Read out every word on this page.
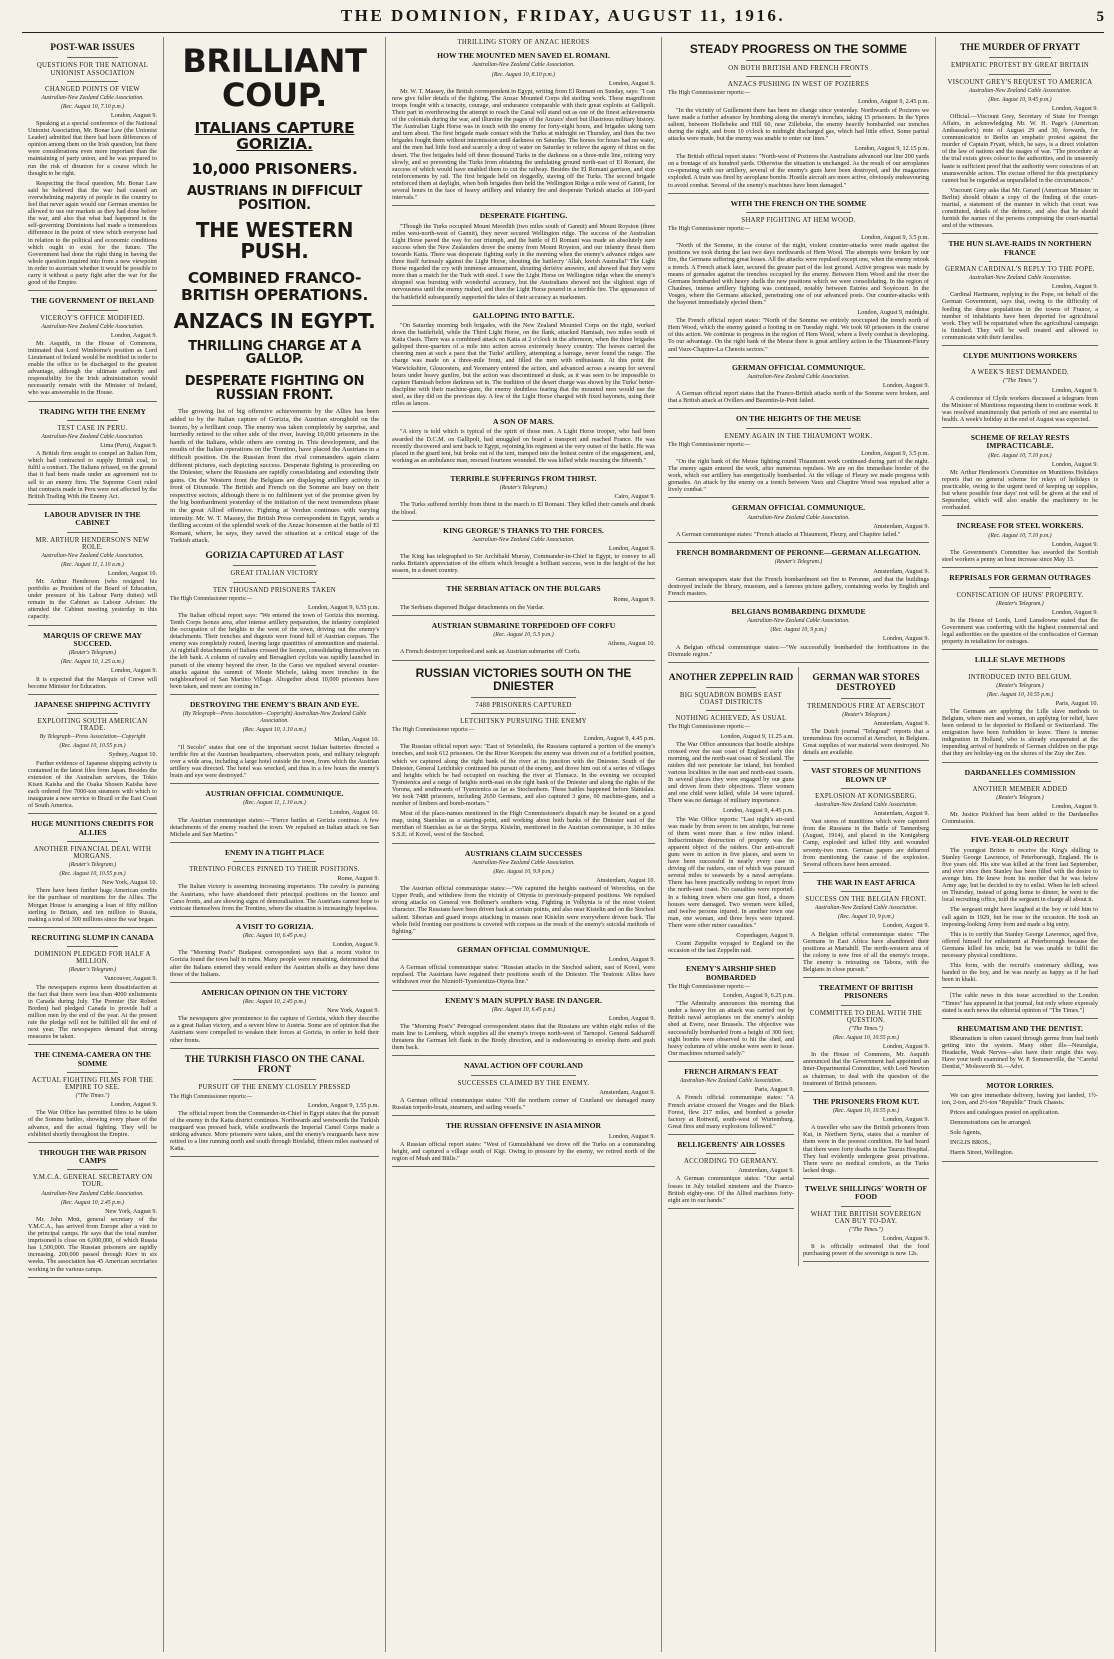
THE DOMINION, FRIDAY, AUGUST 11, 1916.	5
POST-WAR ISSUES
QUESTIONS FOR THE NATIONAL UNIONIST ASSOCIATION
CHANGED POINTS OF VIEW
Australian-New Zealand Cable Association.
(Rec. August 10, 7.10 p.m.)
London, August 9.

Speaking at a special conference of the National Unionist Association, Mr. Bonar Law (the Unionist Leader) admitted that there had been differences of opinion among them on the Irish question, but there were considerations even more important than the maintaining of party union, and he was prepared to run the risk of disunion for a course which he thought to be right.

Respecting the fiscal question, Mr. Bonar Law said he believed that the war had caused an overwhelming majority of people in the country to feel that never again would our German enemies be allowed to use our markets as they had done before the war, and also that what had happened in the self-governing Dominions had made a tremendous difference in the point of view which everyone had in relation to the political and economic conditions which ought to exist for the future. The Government had done the right thing in having the whole question inquired into from a new viewpoint in order to ascertain whether it would be possible to carry it without a party fight after the war for the good of the Empire.

THE GOVERNMENT OF IRELAND
VICEROY'S OFFICE MODIFIED.
Australian-New Zealand Cable Association.
London, August 9.

Mr. Asquith, in the House of Commons, intimated that Lord Wimborne's position as Lord Lieutenant of Ireland would be modified in order to enable the office to be discharged to the greatest advantage, although the ultimate authority and responsibility for the Irish administration would necessarily remain with the Minister of Ireland, who was answerable to the House.

TRADING WITH THE ENEMY
TEST CASE IN PERU.
Australian-New Zealand Cable Association.
Lima (Peru), August 9.

A British firm sought to compel an Italian firm, which had contracted to supply British coal, to fulfil a contract. The Italians refused, on the ground that it had been made under an agreement not to sell to an enemy firm. The Supreme Court ruled that contracts made in Peru were not affected by the British Trading With the Enemy Act.

LABOUR ADVISER IN THE CABINET
MR. ARTHUR HENDERSON'S NEW ROLE.
Australian-New Zealand Cable Association.
(Rec. August 11, 1.10 a.m.)
London, August 10.

Mr. Arthur Henderson (who resigned his portfolio as President of the Board of Education, under pressure of his Labour Party duties) will remain in the Cabinet as Labour Adviser. He attended the Cabinet meeting yesterday in this capacity.

MARQUIS OF CREWE MAY SUCCEED.
(Reuter's Telegram.)
(Rec. August 10, 1.25 a.m.)
London, August 9.

It is expected that the Marquis of Crewe will become Minister for Education.

JAPANESE SHIPPING ACTIVITY
EXPLOITING SOUTH AMERICAN TRADE.
By Telegraph—Press Association—Copyright
(Rec. August 10, 10.55 p.m.)
Sydney, August 10.

Further evidence of Japanese shipping activity is contained in the latest files from Japan. Besides the extension of the Australian services, the Tokio Kisen Kaisha and the Osaka Shosen Kaisha have each ordered five 7000-ton steamers with which to inaugurate a new service to Brazil or the East Coast of South America.

HUGE MUNITIONS CREDITS FOR ALLIES
ANOTHER FINANCIAL DEAL WITH MORGANS.
(Reuter's Telegram.)
(Rec. August 10, 10.55 p.m.)
New York, August 10.

There have been further huge American credits for the purchase of munitions for the Allies. The Morgan House is arranging a loan of fifty million sterling to Britain, and ten million to Russia, making a total of 300 millions since the war began.

RECRUITING SLUMP IN CANADA
DOMINION PLEDGED FOR HALF A MILLION.
(Reuter's Telegram.)
Vancouver, August 9.

The newspapers express keen dissatisfaction at the fact that there were less than 4000 enlistments in Canada during July. The Premier (Sir Robert Borden) had pledged Canada to provide half a million men by the end of the year. At the present rate the pledge will not be fulfilled till the end of next year. The newspapers demand that strong measures be taken.

THE CINEMA-CAMERA ON THE SOMME
ACTUAL FIGHTING FILMS FOR THE EMPIRE TO SEE.
("The Times.")
London, August 9.

The War Office has permitted films to be taken of the Somme battles, showing every phase of the advance, and the actual fighting. They will be exhibited shortly throughout the Empire.

THROUGH THE WAR PRISON CAMPS
Y.M.C.A. GENERAL SECRETARY ON TOUR.
Australian-New Zealand Cable Association.
(Rec. August 10, 2.45 p.m.)
New York, August 9.

Mr. John Mott, general secretary of the Y.M.C.A., has arrived from Europe after a visit to the principal camps. He says that the total number imprisoned is close on 6,000,000, of which Russia has 1,500,000. The Russian prisoners are rapidly increasing. 200,000 passed through Kiev in six weeks. The association has 45 American secretaries working in the various camps.

BRILLIANT COUP.
ITALIANS CAPTURE GORIZIA.
10,000 PRISONERS.
AUSTRIANS IN DIFFICULT POSITION.
THE WESTERN PUSH.
COMBINED FRANCO-BRITISH OPERATIONS.
ANZACS IN EGYPT.
THRILLING CHARGE AT A GALLOP.
DESPERATE FIGHTING ON RUSSIAN FRONT.

The growing list of big offensive achievements by the Allies has been added to by the Italian capture of Gorizia, the Austrian stronghold on the Isonzo, by a brilliant coup. The enemy was taken completely by surprise, and hurriedly retired to the other side of the river, leaving 10,000 prisoners in the hands of the Italians, while others are coming in. This development, and the results of the Italian operations on the Trentino, have placed the Austrians in a difficult position. On the Russian front the rival commanders again claim different pictures, each depicting success. Desperate fighting is proceeding on the Dniester, where the Russians are rapidly consolidating and extending their gains. On the Western front the Belgians are displaying artillery activity in front of Dixmude. The British and French on the Somme are busy on their respective sectors, although there is no fulfilment yet of the promise given by the big bombardment yesterday of the initiation of the next tremendous phase in the great Allied offensive. Fighting at Verdun continues with varying intensity. Mr. W. T. Massey, the British Press correspondent in Egypt, sends a thrilling account of the splendid work of the Anzac horsemen at the battle of El Romani, where, he says, they saved the situation at a critical stage of the Turkish attack.

GORIZIA CAPTURED AT LAST
GREAT ITALIAN VICTORY
TEN THOUSAND PRISONERS TAKEN
The High Commissioner reports:—
London, August 9, 6.55 p.m.

The Italian official report says: "We entered the town of Gorizia this morning. Tenth Corps Isonzo area, after intense artillery preparation, the infantry completed the occupation of the heights to the west of the town, driving out the enemy's detachments. Their trenches and dugouts were found full of Austrian corpses. The enemy was completely routed, leaving large quantities of ammunition and material. At nightfall detachments of Italians crossed the Isonzo, consolidating themselves on the left bank. A column of cavalry and Bersaglieri cyclists was rapidly launched in pursuit of the enemy beyond the river. In the Carso we repulsed several counter-attacks against the summit of Monte Michele, taking more trenches in the neighbourhood of San Martino Village. Altogether about 10,000 prisoners have been taken, and more are coming in."

DESTROYING THE ENEMY'S BRAIN AND EYE.
(By Telegraph—Press Association—Copyright) Australian-New Zealand Cable Association.
(Rec. August 10, 1.10 a.m.)
Milan, August 10.

"Il Secolo" states that one of the important secret Italian batteries directed a terrible fire at the Austrian headquarters, observation posts, and military telegraph over a wide area, including a large hotel outside the town, from which the Austrian artillery was directed. The hotel was wrecked, and thus in a few hours the enemy's brain and eye were destroyed."

AUSTRIAN OFFICIAL COMMUNIQUE.
(Rec. August 11, 1.10 a.m.)
London, August 10.

The Austrian communique states:—"Fierce battles at Gorizia continue. A few detachments of the enemy reached the town. We repulsed an Italian attack on San Michele and San Martino."

ENEMY IN A TIGHT PLACE
TRENTINO FORCES PINNED TO THEIR POSITIONS.
Rome, August 9.

The Italian victory is assuming increasing importance. The cavalry is pursuing the Austrians, who have abandoned their principal positions on the Isonzo and Carso fronts, and are showing signs of demoralisation. The Austrians cannot hope to extricate themselves from the Trentino, where the situation is increasingly hopeless.

A VISIT TO GORIZIA.
(Rec. August 10, 6.45 p.m.)
London, August 9.

The "Morning Post's" Budapest correspondent says that a recent visitor to Gorizia found the town half in ruins. Many people were remaining, determined that after the Italians entered they would endure the Austrian shells as they have done those of the Italians.

AMERICAN OPINION ON THE VICTORY
(Rec. August 10, 2.45 p.m.)
New York, August 9.

The newspapers give prominence to the capture of Gorizia, which they describe as a great Italian victory, and a severe blow to Austria. Some are of opinion that the Austrians were compelled to weaken their forces at Gorizia, in order to hold their other fronts.

THE TURKISH FIASCO ON THE CANAL FRONT
PURSUIT OF THE ENEMY CLOSELY PRESSED
The High Commissioner reports:—
London, August 9, 1.55 p.m.

The official report from the Commander-in-Chief in Egypt states that the pursuit of the enemy in the Katia district continues. Northwards and westwards the Turkish rearguard was pressed back, while southwards the Imperial Camel Corps made a striking advance. More prisoners were taken, and the enemy's rearguards have now retired to a line running north and south through Birelabd, fifteen miles eastward of Katia.

THRILLING STORY OF ANZAC HEROES
HOW THE MOUNTED MEN SAVED EL ROMANI.
Australian-New Zealand Cable Association.
(Rec. August 10, 8.10 p.m.)
London, August 9.

Mr. W. T. Massey, the British correspondent in Egypt, writing from El Romani on Sunday, says: "I can now give fuller details of the fighting. The Anzac Mounted Corps did sterling work. These magnificent troops fought with a tenacity, courage, and endurance comparable with their great exploits at Gallipoli. Their part in overthrowing the attempt to reach the Canal will stand out as one of the finest achievements of the colonials during the war, and illumine the pages of the Anzacs' short but illustrious military history. The Australian Light Horse was in touch with the enemy for forty-eight hours, and brigades taking turn and turn about. The first brigade made contact with the Turks at midnight on Thursday, and then the two brigades fought them without intermission until darkness on Saturday. The horses for hours had no water, and the men had little food and scarcely a drop of water on Saturday to relieve the agony of thirst on the desert. The five brigades held off three thousand Turks in the darkness on a three-mile line, retiring very slowly, and so preventing the Turks from obtaining the undulating ground north-east of El Romani, the success of which would have enabled them to cut the railway. Besides the El Romani garrison, and stop reinforcements by rail. The first brigade held on doggedly, staving off the Turks. The second brigade reinforced them at daylight, when both brigades then held the Wellington Ridge a mile west of Gannit, for several hours in the face of heavy artillery and infantry fire and desperate Turkish attacks at 100-yard intervals."

DESPERATE FIGHTING.

"Though the Turks occupied Mount Meredith (two miles south of Gannit) and Mount Royston (three miles west-north-west of Gannit), they never secured Wellington ridge. The success of the Australian Light Horse paved the way for our triumph, and the battle of El Romani was made an absolutely sure success when the New Zealanders drove the enemy from Mount Royston, and our infantry thrust them towards Katia. There was desperate fighting early in the morning when the enemy's advance ridges saw three itself furiously against the Light Horse, shouting the battlecry 'Allah, kreish Australia!' The Light Horse regarded the cry with immense amusement, shouting derisive answers, and showed that they were more than a match for the Turk with steel. I saw the Light Horse on Wellington ridge when the enemy's shrapnel was bursting with wonderful accuracy, but the Australians showed not the slightest sign of nervousness until the enemy rushed, and then the Light Horse poured in a terrible fire. The appearance of the battlefield subsequently supported the tales of their accuracy as marksmen.

GALLOPING INTO BATTLE.

"On Saturday morning both brigades, with the New Zealand Mounted Corps on the right, worked down the battlefield, while the Third Light Horse, on the flank, attacked Hamisah, two miles south of Katia Oasis. There was a combined attack on Katia at 2 o'clock in the afternoon, when the three brigades galloped three-quarters of a mile into action across extremely heavy country. The horses carried the cheering men at such a pace that the Turks' artillery, attempting a barrage, never found the range. The charge was made on a three-mile front, and filled the men with enthusiasm. At this point the Warwickshire, Gloucesters, and Yeomanry entered the action, and advanced across a swamp for several hours under heavy gunfire, but the action was discontinued at dusk, as it was seen to be impossible to capture Hamisah before darkness set in. The tradition of the desert charge was shown by the Turks' better-discipline with their machine-guns, the enemy doubtless fearing that the mounted men would use the steel, as they did on the previous day. A few of the Light Horse charged with fixed bayonets, using their rifles as lances.

A SON OF MARS.

"A story is told which is typical of the spirit of those men. A Light Horse trooper, who had been awarded the D.C.M. on Gallipoli, had smuggled on board a transport and reached France. He was recently discovered and sent back to Egypt, rejoining his regiment at the very outset of the battle. He was placed in the guard tent, but broke out of the tent, tramped into the hottest centre of the engagement, and, working as an ambulance man, rescued fourteen wounded. He was killed while rescuing the fifteenth."

TERRIBLE SUFFERINGS FROM THIRST.
(Reuter's Telegram.)
Cairo, August 9.

The Turks suffered terribly from thirst in the march to El Romani. They killed their camels and drank the blood.

KING GEORGE'S THANKS TO THE FORCES.
Australian-New Zealand Cable Association.
London, August 9.

The King has telegraphed to Sir Archibald Murray, Commander-in-Chief in Egypt, to convey to all ranks Britain's appreciation of the efforts which brought a brilliant success, won in the height of the hot season, in a desert country.

THE SERBIAN ATTACK ON THE BULGARS
Rome, August 9.

The Serbians dispersed Bulgar detachments on the Vardar.

AUSTRIAN SUBMARINE TORPEDOED OFF CORFU
(Rec. August 10, 5.5 p.m.)
Athens, August 10.

A French destroyer torpedoed and sank an Austrian submarine off Corfu.

RUSSIAN VICTORIES SOUTH ON THE DNIESTER
7488 PRISONERS CAPTURED
LETCHITSKY PURSUING THE ENEMY
The High Commissioner reports:—
London, August 9, 4.45 p.m.

The Russian official report says: "East of Svistelniki, the Russians captured a portion of the enemy's trenches, and took 612 prisoners. On the River Koropets the enemy was driven out of a fortified position, which we captured along the right bank of the river at its junction with the Dniester. South of the Dniester, General Letchitsky continued his pursuit of the enemy, and drove him out of a series of villages and heights which he had occupied on reaching the river at Tlumacz. In the evening we occupied Tysmienica and a range of heights north-east on the right bank of the Dniester and along the rights of the Vorona, and southwards of Tysmienica as far as Stochenbem. These battles happened before Stanislau. We took 7488 prisoners, including 2650 Germans, and also captured 3 guns, 60 machine-guns, and a number of limbers and bomb-mortars."

Most of the place-names mentioned in the High Commissioner's dispatch may be located on a good map, using Stanislau as a starting-point, and working about both banks of the Dniester east of the meridian of Stanislau as far as the Strypa. Kisielin, mentioned in the Austrian communique, is 30 miles S.S.E. of Kovel, west of the Stochod.

AUSTRIANS CLAIM SUCCESSES
Australian-New Zealand Cable Association.
(Rec. August 10, 9.9 p.m.)
Amsterdam, August 10.

The Austrian official communique states:—"We captured the heights eastward of Worochta, on the Upper Pruth, and withdrew from the vicinity of Ottynia to previously-prepared positions. We repulsed strong attacks on General von Bothmer's southern wing. Fighting in Volhynia is of the most violent character. The Russians have been driven back at certain points, and also near Kisielin and on the Stochod salient. Siberian and guard troops attacking in masses near Kisielin were everywhere driven back. The whole field fronting our positions is covered with corpses as the result of the enemy's suicidal methods of fighting."

GERMAN OFFICIAL COMMUNIQUE.
London, August 9.

A German official communique states: "Russian attacks in the Stochod salient, east of Kovel, were repulsed. The Austrians have regained their positions south of the Dniester. The Teutonic Allies have withdrawn over the Niznioff-Tysmienitza-Otynia line."

ENEMY'S MAIN SUPPLY BASE IN DANGER.
(Rec. August 10, 6.45 p.m.)
London, August 9.

The "Morning Post's" Petrograd correspondent states that the Russians are within eight miles of the main line to Lemberg, which supplies all the enemy's troops north-west of Tarnopol. General Sakharoff threatens the German left flank in the Brody direction, and is endeavouring to envelop them and push them back.

NAVAL ACTION OFF COURLAND
SUCCESSES CLAIMED BY THE ENEMY.
Amsterdam, August 9.

A German official communique states: "Off the northern corner of Courland we damaged many Russian torpedo-boats, steamers, and sailing vessels."

THE RUSSIAN OFFENSIVE IN ASIA MINOR
London, August 9.

A Russian official report states: "West of Gumushkhané we drove off the Turks on a commanding height, and captured a village south of Kigi. Owing to pressure by the enemy, we retired north of the region of Mush and Bitlis."

STEADY PROGRESS ON THE SOMME
ON BOTH BRITISH AND FRENCH FRONTS
ANZACS PUSHING IN WEST OF POZIERES
The High Commissioner reports:—
London, August 9, 2.45 p.m.

"In the vicinity of Guillemont there has been no change since yesterday. Northwards of Pozieres we have made a further advance by bombing along the enemy's trenches, taking 15 prisoners. In the Ypres salient, between Hollebeke and Hill 60, near Zillebeke, the enemy heavily bombarded our trenches during the night, and from 10 o'clock to midnight discharged gas, which had little effect. Some partial attacks were made, but the enemy was unable to enter our lines."

London, August 9, 12.15 p.m.

The British official report states: "North-west of Pozieres the Australians advanced our line 200 yards on a frontage of six hundred yards. Otherwise the situation is unchanged. As the result of our aeroplanes co-operating with our artillery, several of the enemy's guns have been destroyed, and the magazines exploded. A train was fired by aeroplane bombs. Hostile aircraft are more active, obviously endeavouring to avoid combat. Several of the enemy's machines have been damaged."

WITH THE FRENCH ON THE SOMME
SHARP FIGHTING AT HEM WOOD.
The High Commissioner reports:—
London, August 9, 3.5 p.m.

"North of the Somme, in the course of the night, violent counter-attacks were made against the positions we took during the last two days northwards of Hem Wood. The attempts were broken by our fire, the Germans suffering great losses. All the attacks were repulsed except one, when the enemy retook a trench. A French attack later, secured the greater part of the lost ground. Active progress was made by means of grenades against the trenches occupied by the enemy. Between Hem Wood and the river the Germans bombarded with heavy shells the new positions which we were consolidating. In the region of Chaulnes, intense artillery fighting was continued, notably between Estrées and Soyécourt. In the Vosges, where the Germans attacked, penetrating one of our advanced posts. Our counter-attacks with the bayonet immediately ejected them."

London, August 9, midnight.

The French official report states: "North of the Somme we entirely reoccupied the trench north of Hem Wood, which the enemy gained a footing in on Tuesday night. We took 60 prisoners in the course of this action. We continue to progress in the region of Hem Wood, where a lively combat is developing. To our advantage. On the right bank of the Meuse there is great artillery action in the Thiaumont-Fleury and Vaux-Chapitre-La Chenois sectors."

GERMAN OFFICIAL COMMUNIQUE.
Australian-New Zealand Cable Association.
London, August 9.

A German official report states that the Franco-British attacks north of the Somme were broken, and that a British attack at Ovillers and Bazentin-le-Petit failed.

ON THE HEIGHTS OF THE MEUSE
ENEMY AGAIN IN THE THIAUMONT WORK.
The High Commissioner reports:—
London, August 9, 3.5 p.m.

"On the right bank of the Meuse fighting round Thiaumont work continued during part of the night. The enemy again entered the work, after numerous repulses. We are on the immediate border of the work, which our artillery has energetically bombarded. At the village of Fleury we made progress with grenades. An attack by the enemy on a trench between Vaux and Chapitre Wood was repulsed after a lively combat."

GERMAN OFFICIAL COMMUNIQUE.
Australian-New Zealand Cable Association.
Amsterdam, August 9.

A German communique states: "French attacks at Thiaumont, Fleury, and Chapitre failed."

FRENCH BOMBARDMENT OF PERONNE—GERMAN ALLEGATION.
(Reuter's Telegram.)
Amsterdam, August 9.

German newspapers state that the French bombardment set fire to Peronne, and that the buildings destroyed include the library, museum, and a famous picture gallery, containing works by English and French masters.

BELGIANS BOMBARDING DIXMUDE
Australian-New Zealand Cable Association.
(Rec. August 10, 9 p.m.)
London, August 9.

A Belgian official communique states:—"We successfully bombarded the fortifications in the Dixmude region."

ANOTHER ZEPPELIN RAID
BIG SQUADRON BOMBS EAST COAST DISTRICTS
NOTHING ACHIEVED, AS USUAL
The High Commissioner reports:—
London, August 9, 11.25 a.m.

The War Office announces that hostile airships crossed over the east coast of England early this morning, and the north-east coast of Scotland. The raiders did not penetrate far inland, but bombed various localities in the east and north-east coasts. In several places they were engaged by our guns and driven from their objectives. Three women and one child were killed, while 14 were injured. There was no damage of military importance.

London, August 9, 4.45 p.m.

The War Office reports: "Last night's air-raid was made by from seven to ten airships, but none of them went more than a few miles inland. Indiscriminate destruction of property was the apparent object of the raiders. Our anti-aircraft guns were in action in five places, and seem to have been successful in nearly every case in driving off the raiders, one of which was pursued several miles to seawards by a naval aeroplane. There has been practically nothing to report from the north-east coast. No casualties were reported. In a fishing town where one gun fired, a dozen houses were damaged. Two women were killed, and twelve persons injured. In another town one man, one woman, and three boys were injured. There were other minor casualties."

Copenhagen, August 9.

Count Zeppelin voyaged to England on the occasion of the last Zeppelin raid.

ENEMY'S AIRSHIP SHED BOMBARDED
The High Commissioner reports:—
London, August 9, 6.25 p.m.

"The Admiralty announces this morning that under a heavy fire an attack was carried out by British naval aeroplanes on the enemy's airship shed at Evere, near Brussels. The objective was successfully bombarded from a height of 300 feet; eight bombs were observed to hit the shed, and heavy columns of white smoke were seen to issue. Our machines returned safely."

FRENCH AIRMAN'S FEAT
Australian-New Zealand Cable Association.
Paris, August 9.

A French official communique states: "A French aviator crossed the Vosges and the Black Forest, flew 217 miles, and bombed a powder factory at Rottweil, south-west of Wurtemburg. Great fires and many explosions followed."

BELLIGERENTS' AIR LOSSES
ACCORDING TO GERMANY.
Amsterdam, August 9.

A German communique states: "Our aerial losses in July totalled nineteen and the Franco-British eighty-one. Of the Allied machines forty-eight are in our hands."

GERMAN WAR STORES DESTROYED
TREMENDOUS FIRE AT AERSCHOT
(Reuter's Telegram.)
Amsterdam, August 9.

The Dutch journal "Telegraaf" reports that a tremendous fire occurred at Aerschot, in Belgium. Great supplies of war material were destroyed. No details are available.

VAST STORES OF MUNITIONS BLOWN UP
EXPLOSION AT KONIGSBERG.
Australian-New Zealand Cable Association.
Amsterdam, August 9.

Vast stores of munitions which were captured from the Russians in the Battle of Tannenberg (August, 1914), and placed in the Konigsberg Camp, exploded and killed fifty and wounded seventy-two men. German papers are debarred from mentioning the cause of the explosion. Several officers have been arrested.

THE WAR IN EAST AFRICA
SUCCESS ON THE BELGIAN FRONT.
Australian-New Zealand Cable Association.
(Rec. August 10, 9 p.m.)
London, August 9.

A Belgian official communique states: "The Germans in East Africa have abandoned their positions at Mariahilf. The north-western area of the colony is now free of all the enemy's troops. The enemy is retreating on Tabora, with the Belgians in close pursuit."

TREATMENT OF BRITISH PRISONERS
COMMITTEE TO DEAL WITH THE QUESTION.
("The Times.")
(Rec. August 10, 10.55 p.m.)
London, August 9.

In the House of Commons, Mr. Asquith announced that the Government had appointed an Inter-Departmental Committee, with Lord Newton as chairman, to deal with the question of the treatment of British prisoners.

THE PRISONERS FROM KUT.
(Rec. August 10, 10.55 p.m.)
London, August 9.

A traveller who saw the British prisoners from Kut, in Northern Syria, states that a number of them were in the poorest condition. He had heard that there were forty deaths in the Taurus Hospital. They had evidently undergone great privations. There were no medical comforts, as the Turks lacked drugs.

TWELVE SHILLINGS' WORTH OF FOOD
WHAT THE BRITISH SOVEREIGN CAN BUY TO-DAY.
("The Times.")
London, August 9.

It is officially estimated that the food purchasing power of the sovereign is now 12s.

THE MURDER OF FRYATT
EMPHATIC PROTEST BY GREAT BRITAIN
VISCOUNT GREY'S REQUEST TO AMERICA
Australian-New Zealand Cable Association.
(Rec. August 10, 9.45 p.m.)
London, August 9.

Official.—Viscount Grey, Secretary of State for Foreign Affairs, in acknowledging Mr. W. H. Page's (American Ambassador's) note of August 29 and 30, forwards, for communication to Berlin an emphatic protest against the murder of Captain Fryatt, which, he says, is a direct violation of the law of nations and the usages of war. "The procedure at the trial exists gives colour to the authorities, and its unseemly haste is sufficient proof that the authority were conscious of an unanswerable action. The excuse offered for this precipitancy cannot but be regarded as unparalleled in the circumstances."

Viscount Grey asks that Mr. Gerard (American Minister in Berlin) should obtain a copy of the finding of the court-martial, a statement of the manner in which that court was constituted, details of the defence, and also that he should furnish the names of the persons composing the court-martial and of the witnesses.

THE HUN SLAVE-RAIDS IN NORTHERN FRANCE
GERMAN CARDINAL'S REPLY TO THE POPE.
Australian-New Zealand Cable Association.
London, August 9.

Cardinal Hartmann, replying to the Pope, on behalf of the German Government, says that, owing to the difficulty of feeding the dense populations in the towns of France, a number of inhabitants have been deported for agricultural work. They will be repatriated when the agricultural campaign is finished. They will be well treated and allowed to communicate with their families.

CLYDE MUNITIONS WORKERS
A WEEK'S REST DEMANDED.
("The Times.")
London, August 9.

A conference of Clyde workers discussed a telegram from the Minister of Munitions requesting them to continue work. It was resolved unanimously that periods of rest are essential to health. A week's holiday at the end of August was expected.

SCHEME OF RELAY RESTS IMPRACTICABLE.
(Rec. August 10, 7.10 p.m.)
London, August 9.

Mr. Arthur Henderson's Committee on Munitions Holidays reports that no general scheme for relays of holidays is practicable, owing to the urgent need of keeping up supplies, but where possible four days' rest will be given at the end of September, which will also enable the machinery to be overhauled.

INCREASE FOR STEEL WORKERS.
(Rec. August 10, 7.10 p.m.)
London, August 9.

The Government's Committee has awarded the Scottish steel workers a penny an hour increase since May 13.

REPRISALS FOR GERMAN OUTRAGES
CONFISCATION OF HUNS' PROPERTY.
(Reuter's Telegram.)
London, August 9.

In the House of Lords, Lord Lansdowne stated that the Government was conferring with the highest commercial and legal authorities on the question of the confiscation of German property in retaliation for outrages.

LILLE SLAVE METHODS
INTRODUCED INTO BELGIUM.
(Reuter's Telegram.)
(Rec. August 10, 10.55 p.m.)
Paris, August 10.

The Germans are applying the Lille slave methods to Belgium, where men and women, on applying for relief, have been ordered to be deported to Holland or Switzerland. The emigration have been forbidden to leave. There is intense indignation in Holland, who is already exasperated at the impending arrival of hundreds of German children on the pigs that they are holiday-ing on the shores of the Zuy der Zee.

DARDANELLES COMMISSION
ANOTHER MEMBER ADDED
(Reuter's Telegram.)
London, August 9.

Mr. Justice Pickford has been added to the Dardanelles Commission.

FIVE-YEAR-OLD RECRUIT

The youngest Briton to receive the King's shilling is Stanley George Lawrence, of Peterborough, England. He is five years old. His sire was killed at the front last September, and ever since then Stanley has been filled with the desire to avenge him. He knew from his mother that he was below Army age, but he decided to try to enlist. When he left school on Thursday, instead of going home to dinner, he went to the local recruiting office, told the sergeant in charge all about it.

The sergeant might have laughed at the boy or told him to call again in 1929, but he rose to the occasion. He took an imposing-looking Army form and made a big entry.

This is to certify that Stanley George Lawrence, aged five, offered himself for enlistment at Peterborough because the Germans killed his uncle, but he was unable to fulfil the necessary physical conditions.

This form, with the recruit's customary shilling, was handed to the boy, and he was nearly as happy as if he had been in khaki.

[The cable news in this issue accredited to the London "Times" has appeared in that journal, but only where expressly stated is such news the editorial opinion of "The Times."]

RHEUMATISM AND THE DENTIST.

Rheumatism is often caused through germs from bad teeth getting into the system. Many other ills—Neuralgia, Headache, Weak Nerves—also have their origin this way. Have your teeth examined by W. P. Sommerville, the "Careful Dentist," Molesworth St.—Advt.

MOTOR LORRIES.

We can give immediate delivery, having just landed, 1½-ton, 2-ton, and 2½-ton "Republic" Truck Chassis.

Prices and catalogues posted on application.

Demonstrations can be arranged.

Sole Agents,

INGLIS BROS.,

Harris Street, Wellington.
